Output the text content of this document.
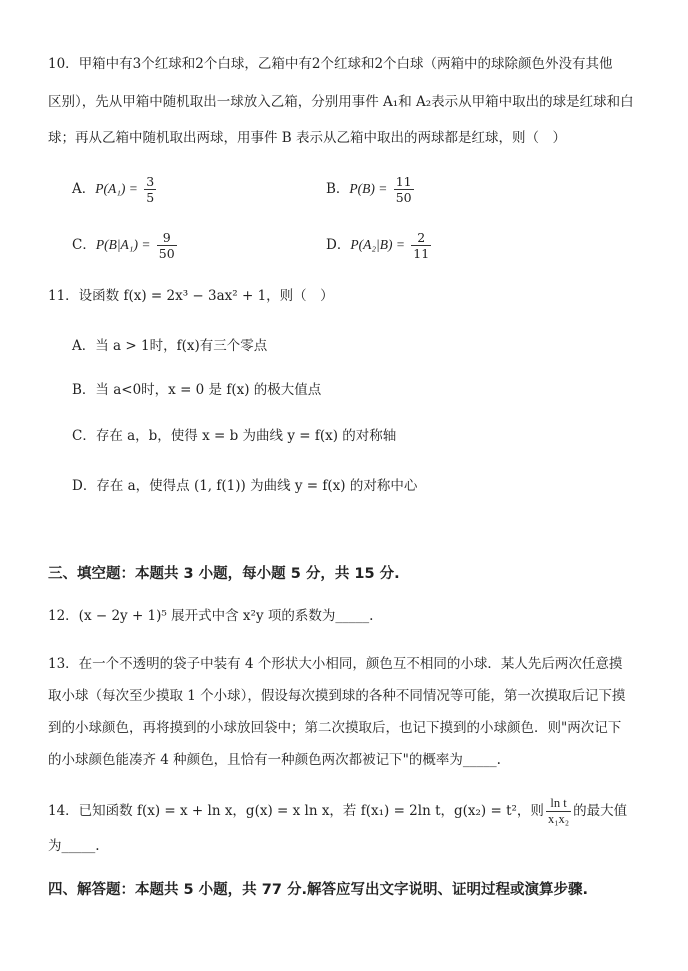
10．甲箱中有3个红球和2个白球，乙箱中有2个红球和2个白球（两箱中的球除颜色外没有其他
区别），先从甲箱中随机取出一球放入乙箱，分别用事件 A₁和 A₂表示从甲箱中取出的球是红球和白
球；再从乙箱中随机取出两球，用事件 B 表示从乙箱中取出的两球都是红球，则（　）
A．$P(A_1) = \frac{3}{5}$	B．$P(B) = \frac{11}{50}$
C．$P(B|A_1) = \frac{9}{50}$	D．$P(A_2|B) = \frac{2}{11}$
11．设函数 f(x) = 2x³ − 3ax² + 1，则（　）
A．当 a > 1时，f(x)有三个零点
B．当 a<0时，x = 0 是 f(x) 的极大值点
C．存在 a，b，使得 x = b 为曲线 y = f(x) 的对称轴
D．存在 a，使得点 (1, f(1)) 为曲线 y = f(x) 的对称中心
三、填空题：本题共 3 小题，每小题 5 分，共 15 分.
12．(x − 2y + 1)⁵ 展开式中含 x²y 项的系数为_____.
13．在一个不透明的袋子中装有 4 个形状大小相同，颜色互不相同的小球．某人先后两次任意摸
取小球（每次至少摸取 1 个小球），假设每次摸到球的各种不同情况等可能，第一次摸取后记下摸
到的小球颜色，再将摸到的小球放回袋中；第二次摸取后，也记下摸到的小球颜色．则"两次记下
的小球颜色能凑齐 4 种颜色，且恰有一种颜色两次都被记下"的概率为_____.
14．已知函数 f(x) = x + ln x，g(x) = x ln x，若 f(x₁) = 2ln t，g(x₂) = t²，则 $\frac{\text{ln t}}{\text{x₁x₂}}$ 的最大值
为_____.
四、解答题：本题共 5 小题，共 77 分.解答应写出文字说明、证明过程或演算步骤.
